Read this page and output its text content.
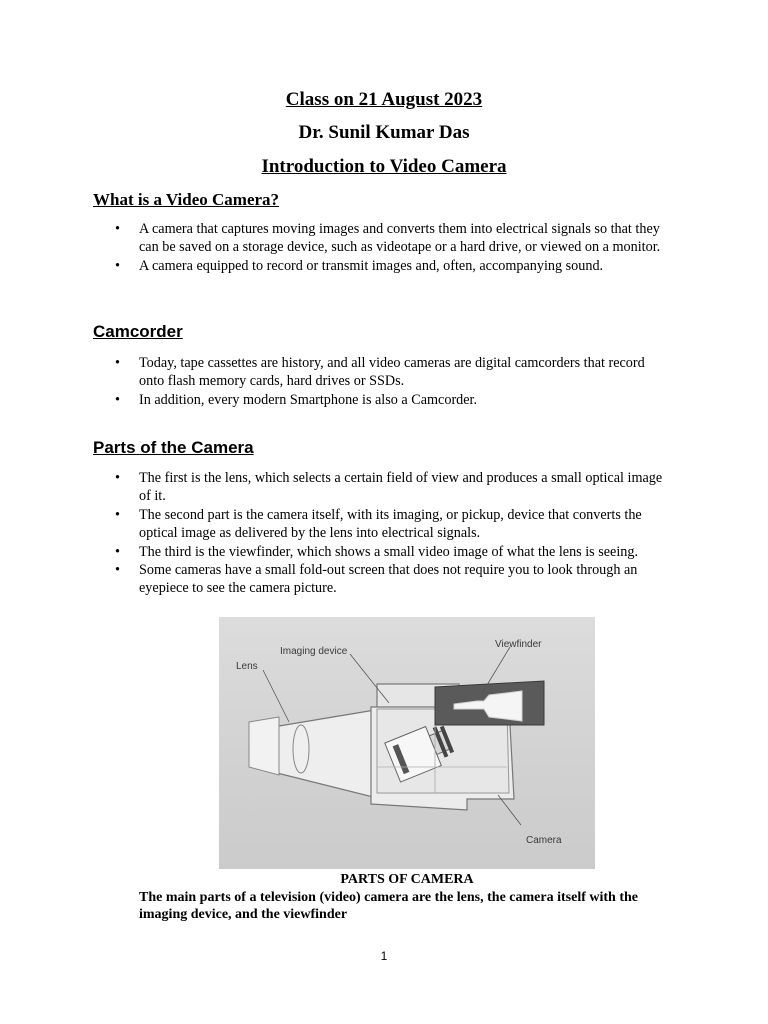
Class on 21 August 2023
Dr. Sunil Kumar Das
Introduction to Video Camera
What is a Video Camera?
• A camera that captures moving images and converts them into electrical signals so that they can be saved on a storage device, such as videotape or a hard drive, or viewed on a monitor.
• A camera equipped to record or transmit images and, often, accompanying sound.
Camcorder
• Today, tape cassettes are history, and all video cameras are digital camcorders that record onto flash memory cards, hard drives or SSDs.
• In addition, every modern Smartphone is also a Camcorder.
Parts of the Camera
• The first is the lens, which selects a certain field of view and produces a small optical image of it.
• The second part is the camera itself, with its imaging, or pickup, device that converts the optical image as delivered by the lens into electrical signals.
• The third is the viewfinder, which shows a small video image of what the lens is seeing.
• Some cameras have a small fold-out screen that does not require you to look through an eyepiece to see the camera picture.
Lens
Imaging device
Viewfinder
Camera

PARTS OF CAMERA

The main parts of a television (video) camera are the lens, the camera itself with the imaging device, and the viewfinder

1
